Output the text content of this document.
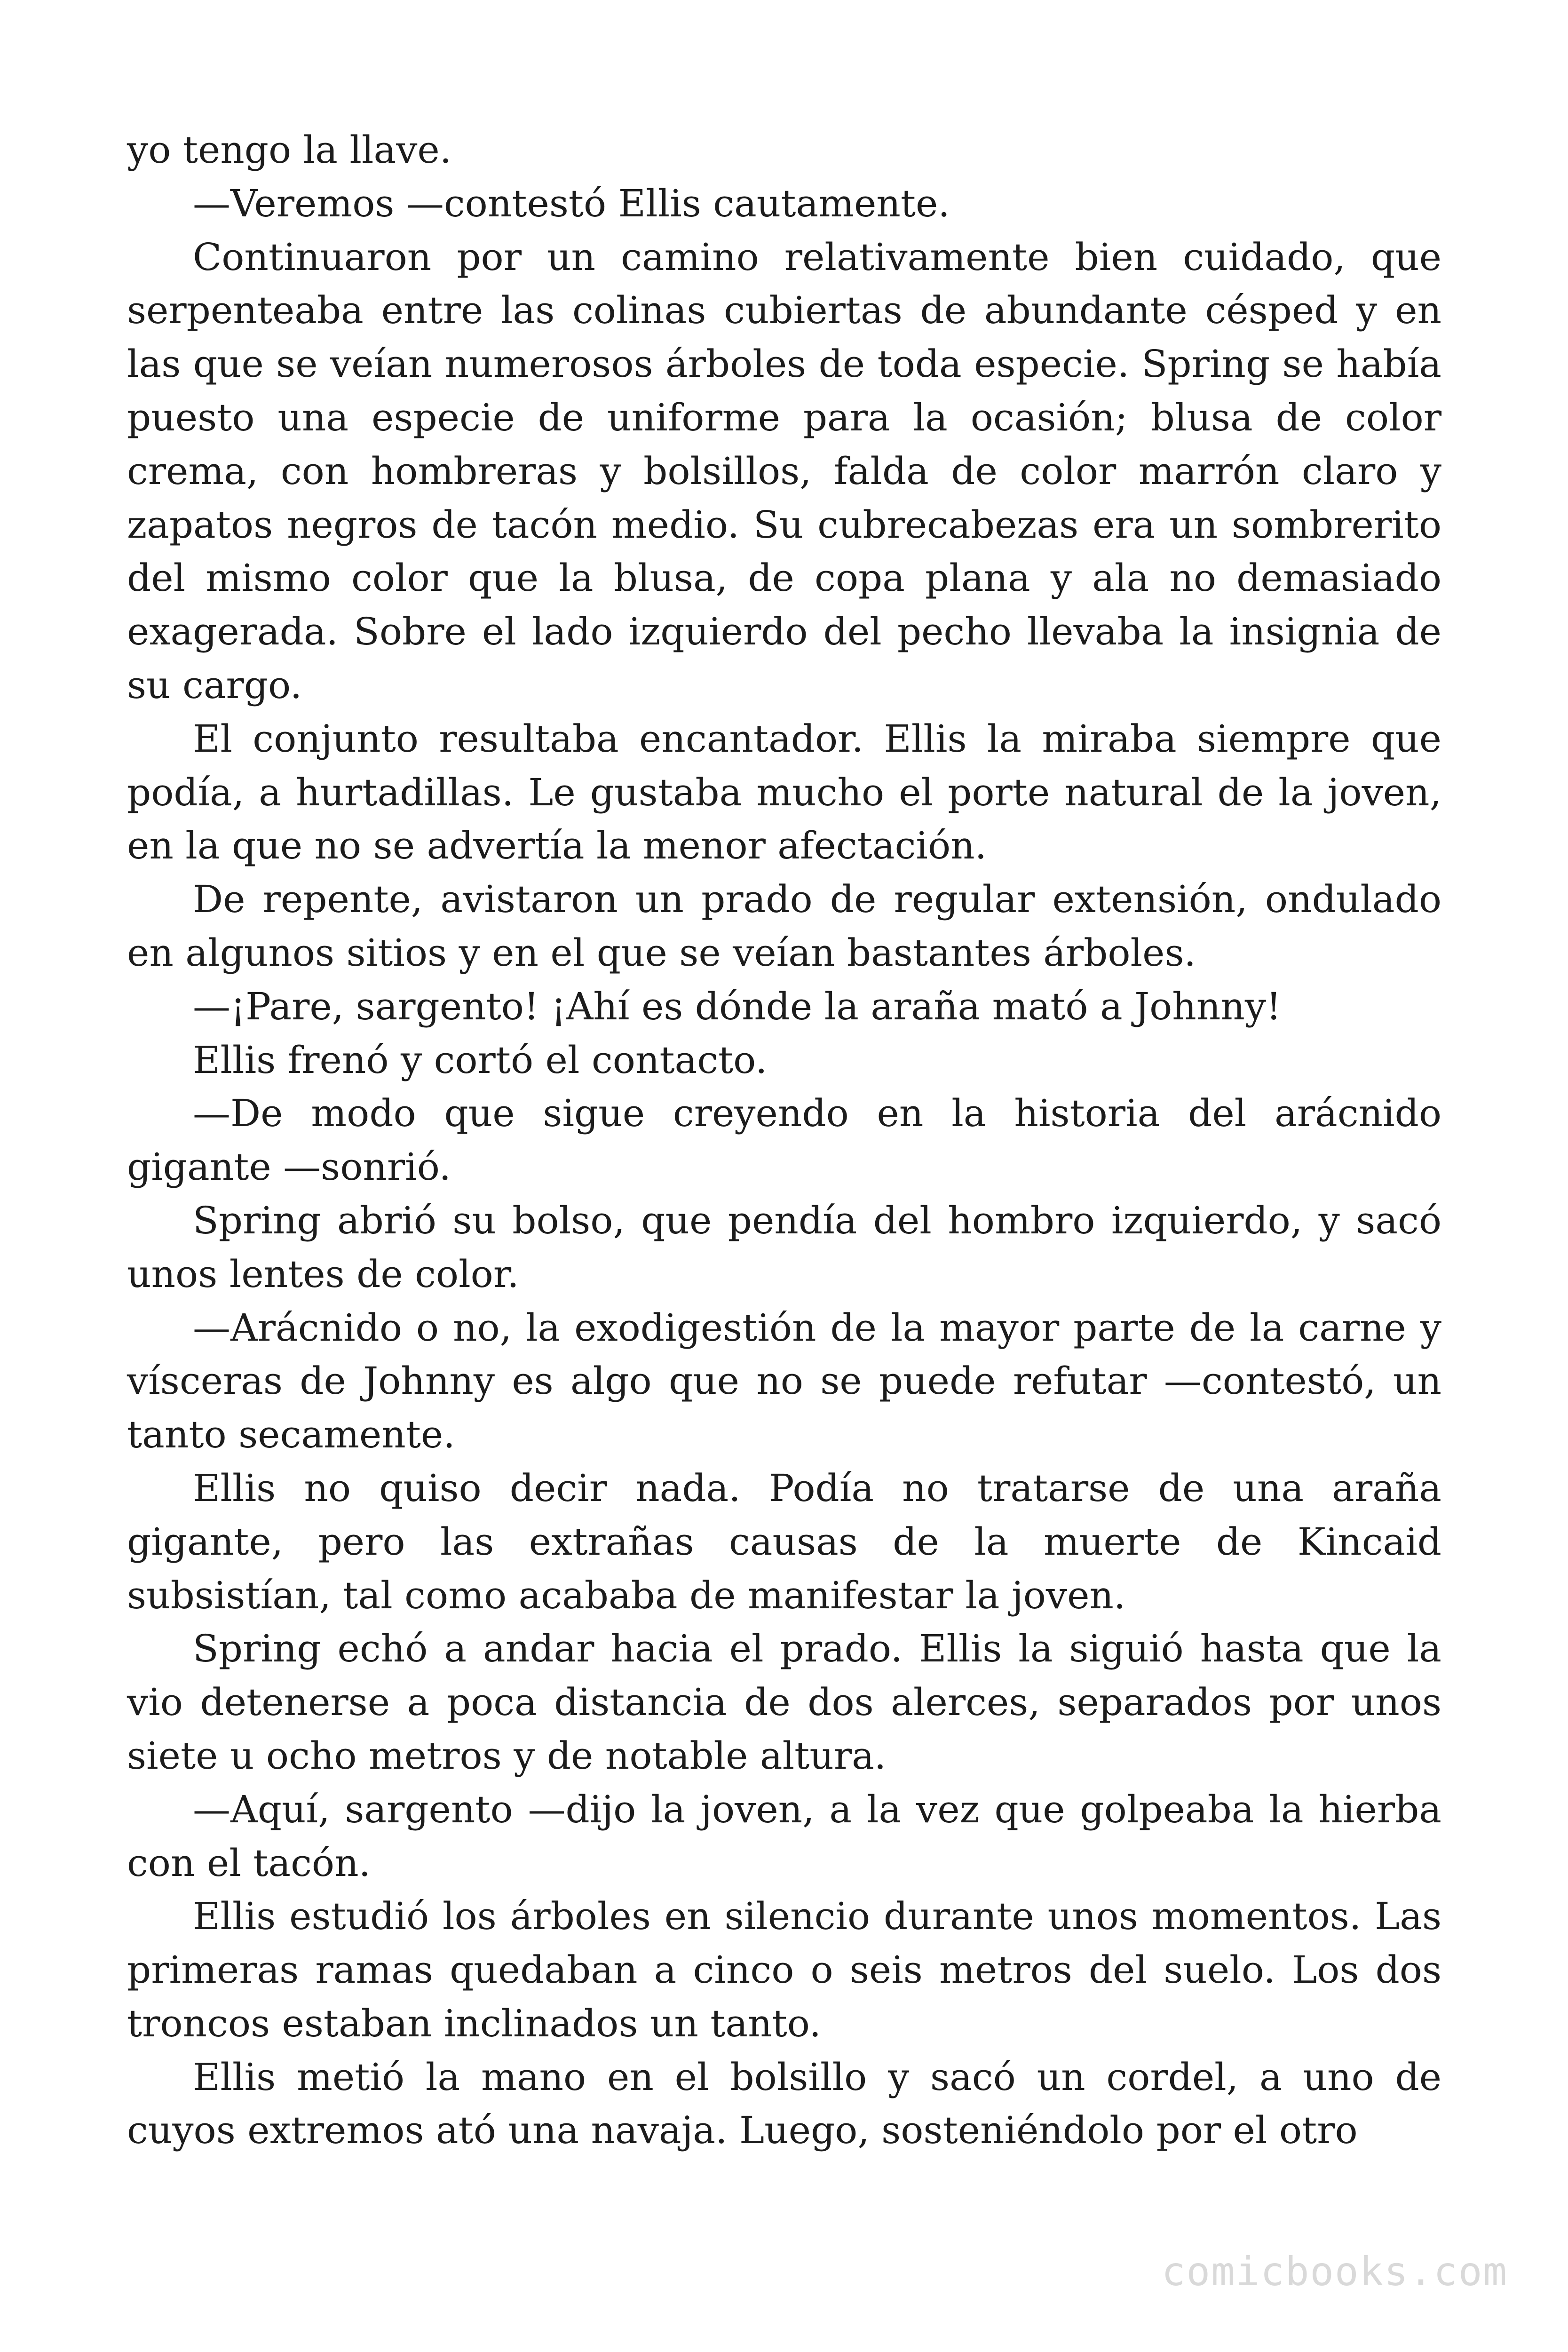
yo tengo la llave.

—Veremos —contestó Ellis cautamente.

Continuaron por un camino relativamente bien cuidado, que serpenteaba entre las colinas cubiertas de abundante césped y en las que se veían numerosos árboles de toda especie. Spring se había puesto una especie de uniforme para la ocasión; blusa de color crema, con hombreras y bolsillos, falda de color marrón claro y zapatos negros de tacón medio. Su cubrecabezas era un sombrerito del mismo color que la blusa, de copa plana y ala no demasiado exagerada. Sobre el lado izquierdo del pecho llevaba la insignia de su cargo.

El conjunto resultaba encantador. Ellis la miraba siempre que podía, a hurtadillas. Le gustaba mucho el porte natural de la joven, en la que no se advertía la menor afectación.

De repente, avistaron un prado de regular extensión, ondulado en algunos sitios y en el que se veían bastantes árboles.

—¡Pare, sargento! ¡Ahí es dónde la araña mató a Johnny!

Ellis frenó y cortó el contacto.

—De modo que sigue creyendo en la historia del arácnido gigante —sonrió.

Spring abrió su bolso, que pendía del hombro izquierdo, y sacó unos lentes de color.

—Arácnido o no, la exodigestión de la mayor parte de la carne y vísceras de Johnny es algo que no se puede refutar —contestó, un tanto secamente.

Ellis no quiso decir nada. Podía no tratarse de una araña gigante, pero las extrañas causas de la muerte de Kincaid subsistían, tal como acababa de manifestar la joven.

Spring echó a andar hacia el prado. Ellis la siguió hasta que la vio detenerse a poca distancia de dos alerces, separados por unos siete u ocho metros y de notable altura.

—Aquí, sargento —dijo la joven, a la vez que golpeaba la hierba con el tacón.

Ellis estudió los árboles en silencio durante unos momentos. Las primeras ramas quedaban a cinco o seis metros del suelo. Los dos troncos estaban inclinados un tanto.

Ellis metió la mano en el bolsillo y sacó un cordel, a uno de cuyos extremos ató una navaja. Luego, sosteniéndolo por el otro

comicbooks.com
